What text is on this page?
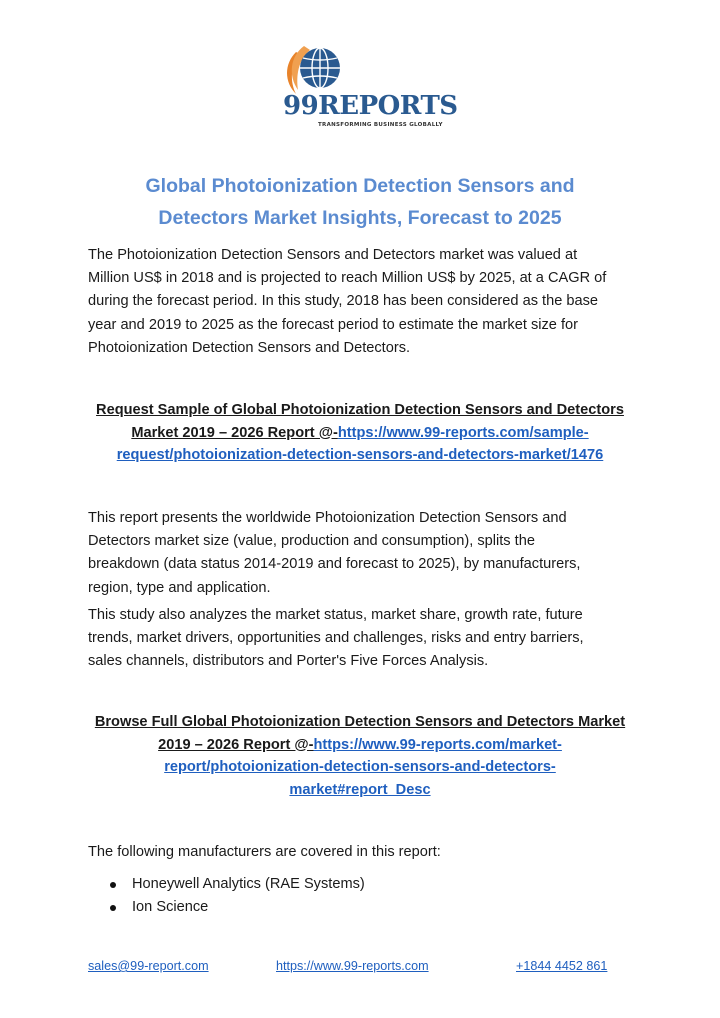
99REPORTS
TRANSFORMING BUSINESS GLOBALLY
Global Photoionization Detection Sensors and
Detectors Market Insights, Forecast to 2025
The Photoionization Detection Sensors and Detectors market was valued at
Million US$ in 2018 and is projected to reach Million US$ by 2025, at a CAGR of
during the forecast period. In this study, 2018 has been considered as the base
year and 2019 to 2025 as the forecast period to estimate the market size for
Photoionization Detection Sensors and Detectors.
Request Sample of Global Photoionization Detection Sensors and Detectors
Market 2019 – 2026 Report @-https://www.99-reports.com/sample-
request/photoionization-detection-sensors-and-detectors-market/1476
This report presents the worldwide Photoionization Detection Sensors and
Detectors market size (value, production and consumption), splits the
breakdown (data status 2014-2019 and forecast to 2025), by manufacturers,
region, type and application.
This study also analyzes the market status, market share, growth rate, future
trends, market drivers, opportunities and challenges, risks and entry barriers,
sales channels, distributors and Porter's Five Forces Analysis.
Browse Full Global Photoionization Detection Sensors and Detectors Market
2019 – 2026 Report @-https://www.99-reports.com/market-
report/photoionization-detection-sensors-and-detectors-
market#report_Desc
The following manufacturers are covered in this report:
Honeywell Analytics (RAE Systems)
Ion Science
sales@99-report.com	https://www.99-reports.com	+1844 4452 861
